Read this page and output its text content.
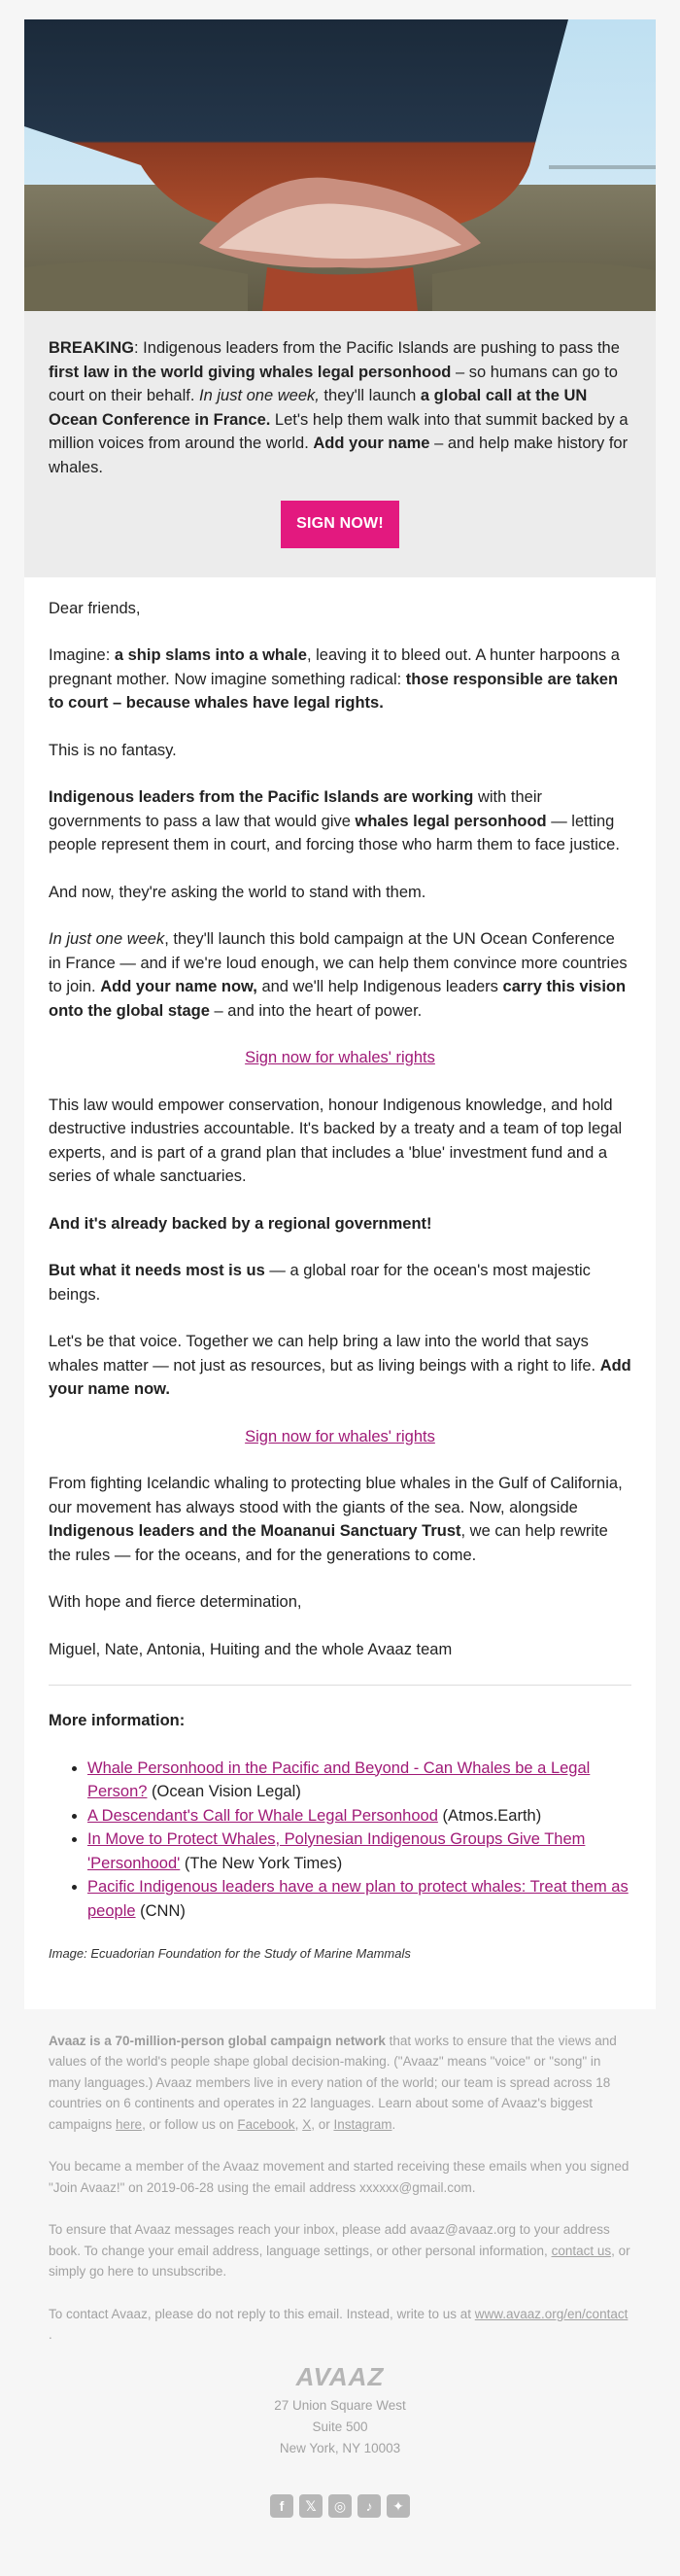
BREAKING: Indigenous leaders from the Pacific Islands are pushing to pass the first law in the world giving whales legal personhood – so humans can go to court on their behalf. In just one week, they'll launch a global call at the UN Ocean Conference in France. Let's help them walk into that summit backed by a million voices from around the world. Add your name – and help make history for whales.

SIGN NOW!

Dear friends,

Imagine: a ship slams into a whale, leaving it to bleed out. A hunter harpoons a pregnant mother. Now imagine something radical: those responsible are taken to court – because whales have legal rights.

This is no fantasy.

Indigenous leaders from the Pacific Islands are working with their governments to pass a law that would give whales legal personhood — letting people represent them in court, and forcing those who harm them to face justice.

And now, they're asking the world to stand with them.

In just one week, they'll launch this bold campaign at the UN Ocean Conference in France — and if we're loud enough, we can help them convince more countries to join. Add your name now, and we'll help Indigenous leaders carry this vision onto the global stage – and into the heart of power.

Sign now for whales' rights

This law would empower conservation, honour Indigenous knowledge, and hold destructive industries accountable. It's backed by a treaty and a team of top legal experts, and is part of a grand plan that includes a 'blue' investment fund and a series of whale sanctuaries.

And it's already backed by a regional government!

But what it needs most is us — a global roar for the ocean's most majestic beings.

Let's be that voice. Together we can help bring a law into the world that says whales matter — not just as resources, but as living beings with a right to life. Add your name now.

Sign now for whales' rights

From fighting Icelandic whaling to protecting blue whales in the Gulf of California, our movement has always stood with the giants of the sea. Now, alongside Indigenous leaders and the Moananui Sanctuary Trust, we can help rewrite the rules — for the oceans, and for the generations to come.

With hope and fierce determination,

Miguel, Nate, Antonia, Huiting and the whole Avaaz team

More information:

• Whale Personhood in the Pacific and Beyond - Can Whales be a Legal Person? (Ocean Vision Legal)
• A Descendant's Call for Whale Legal Personhood (Atmos.Earth)
• In Move to Protect Whales, Polynesian Indigenous Groups Give Them 'Personhood' (The New York Times)
• Pacific Indigenous leaders have a new plan to protect whales: Treat them as people (CNN)

Image: Ecuadorian Foundation for the Study of Marine Mammals

Avaaz is a 70-million-person global campaign network that works to ensure that the views and values of the world's people shape global decision-making. ("Avaaz" means "voice" or "song" in many languages.) Avaaz members live in every nation of the world; our team is spread across 18 countries on 6 continents and operates in 22 languages. Learn about some of Avaaz's biggest campaigns here, or follow us on Facebook, X, or Instagram.

You became a member of the Avaaz movement and started receiving these emails when you signed "Join Avaaz!" on 2019-06-28 using the email address xxxxxx@gmail.com.

To ensure that Avaaz messages reach your inbox, please add avaaz@avaaz.org to your address book. To change your email address, language settings, or other personal information, contact us, or simply go here to unsubscribe.

To contact Avaaz, please do not reply to this email. Instead, write to us at www.avaaz.org/en/contact .

AVAAZ
27 Union Square West
Suite 500
New York, NY 10003
f 𝕏 ◎ ♪ ✦
